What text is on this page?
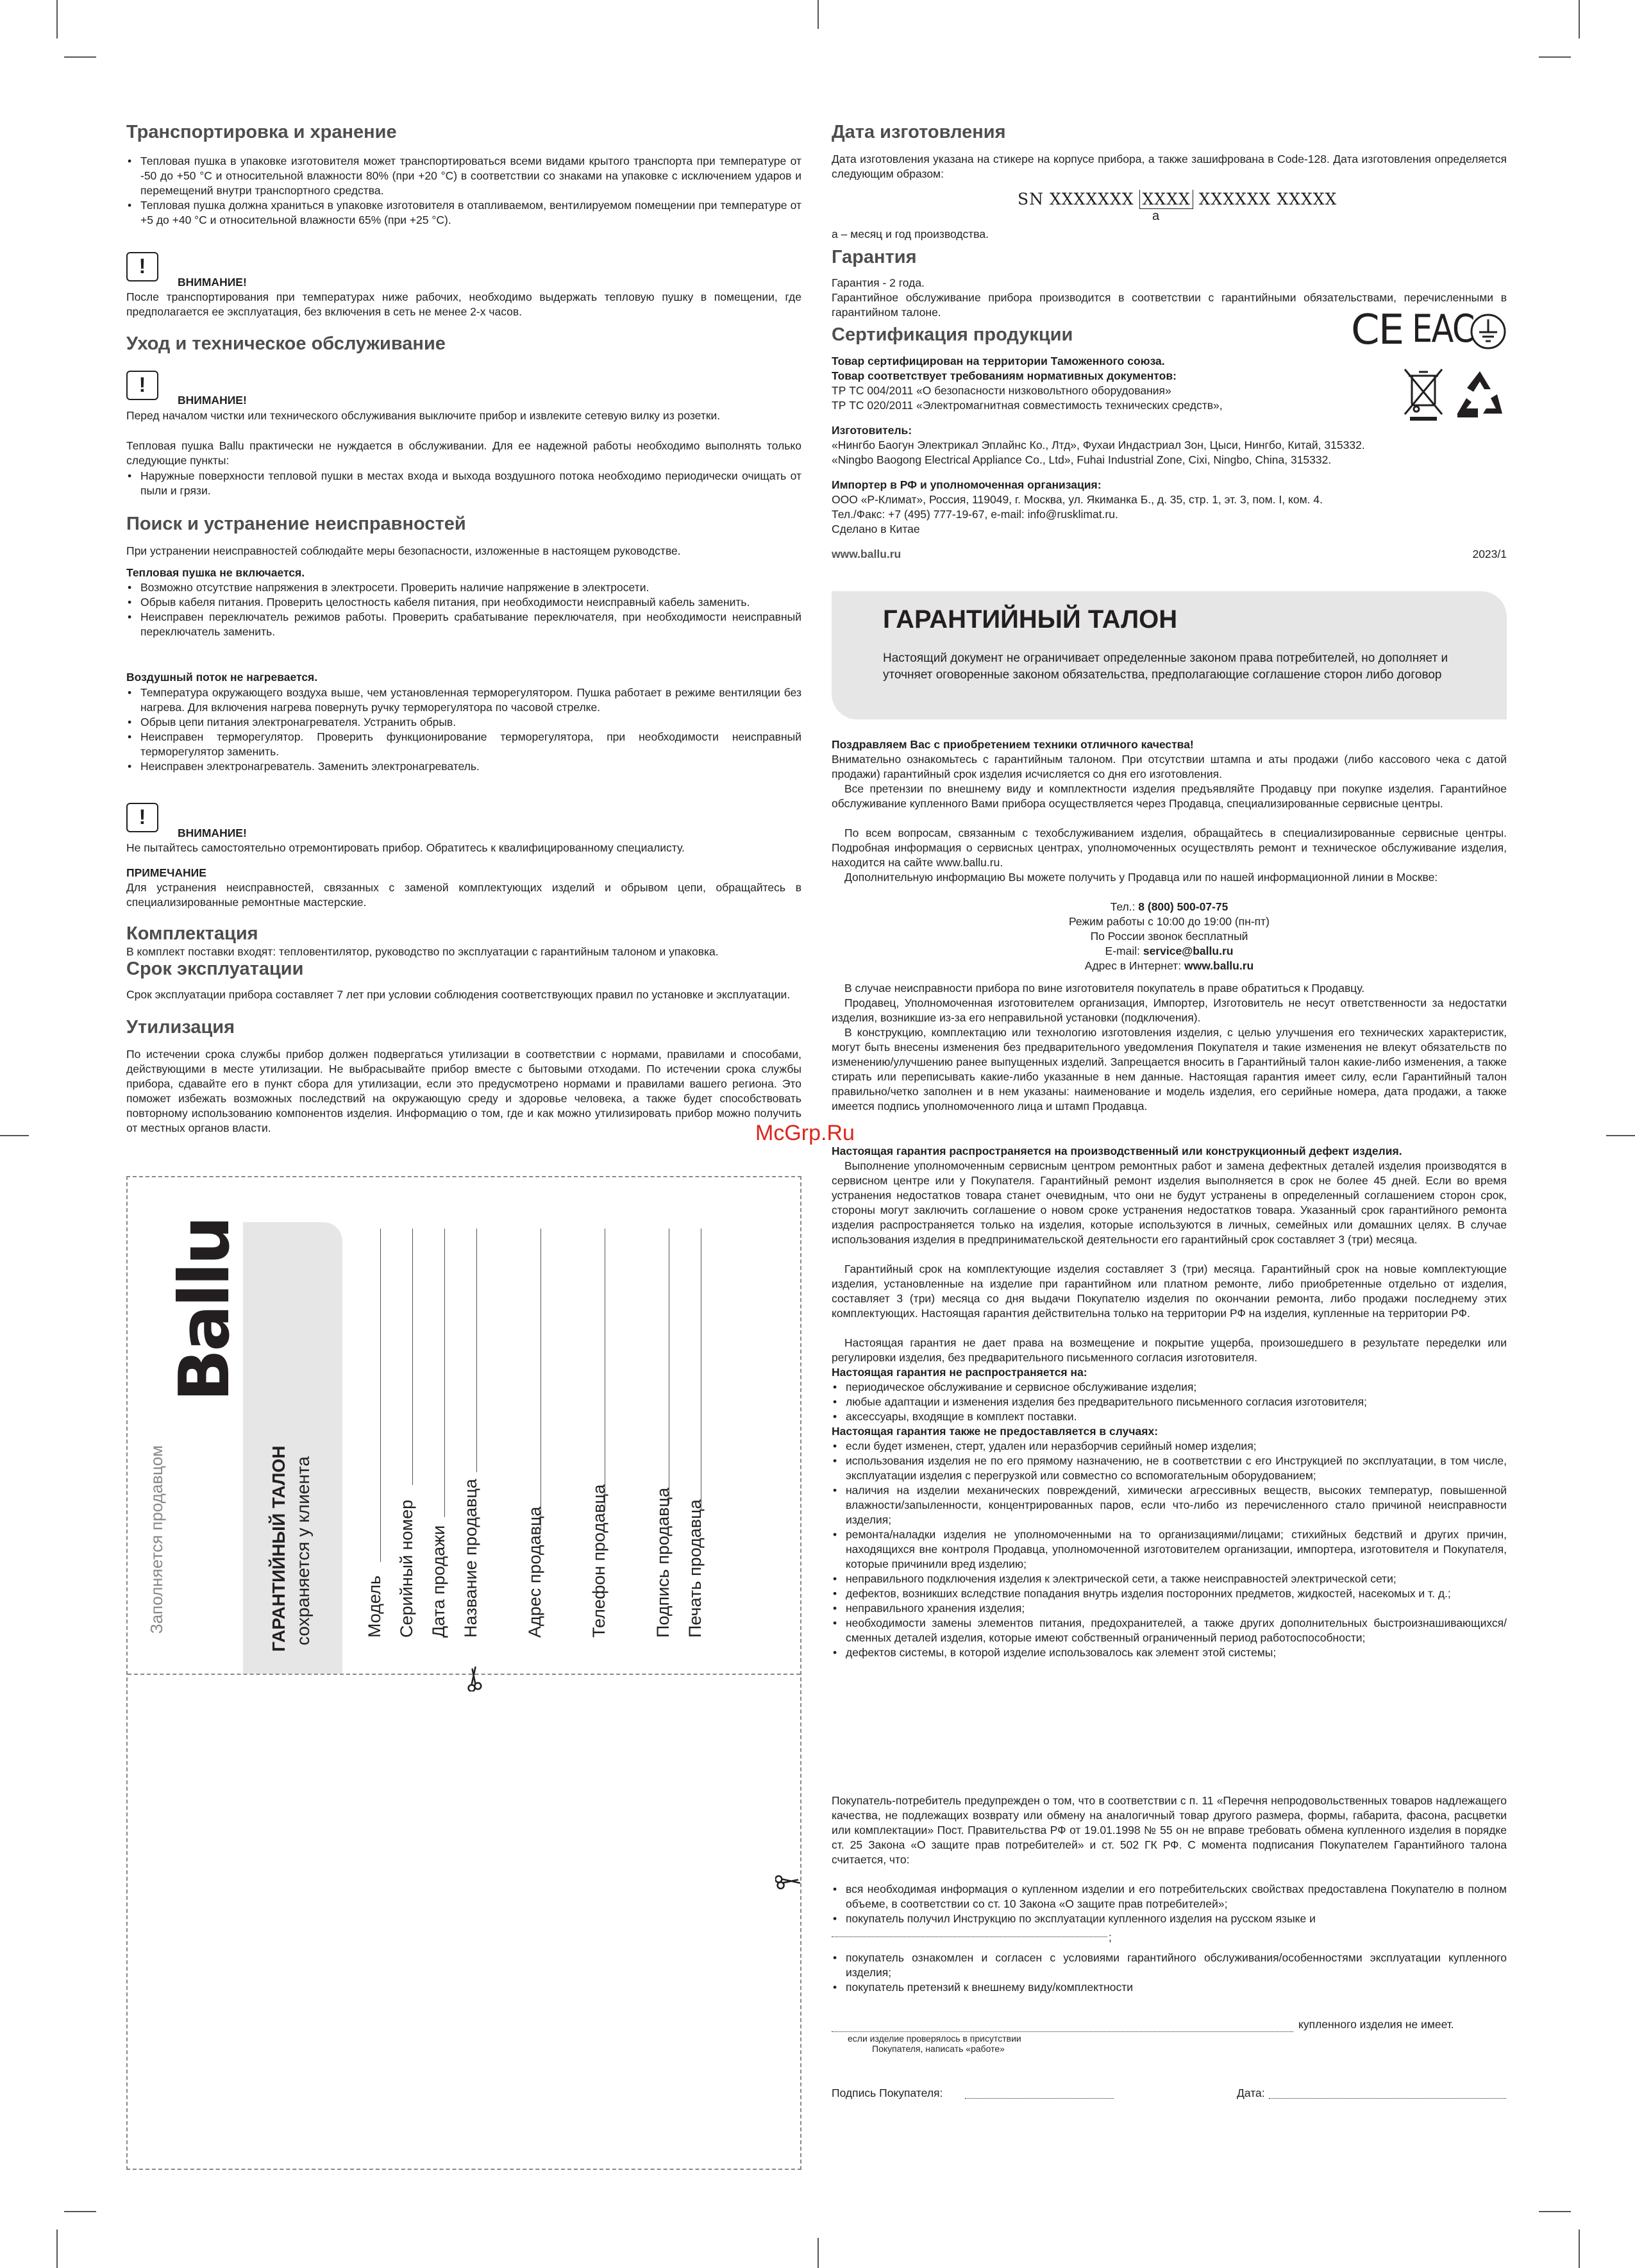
Транспортировка и хранение
• Тепловая пушка в упаковке изготовителя может транспортироваться всеми видами крытого транспорта при температуре от -50 до +50 °С и относительной влажности 80% (при +20 °С) в соответствии со знаками на упаковке с исключением ударов и перемещений внутри транспортного средства.
• Тепловая пушка должна храниться в упаковке изготовителя в отапливаемом, вентилируемом помещении при температуре от +5 до +40 °С и относительной влажности 65% (при +25 °С).
!
ВНИМАНИЕ!

После транспортирования при температурах ниже рабочих, необходимо выдержать тепловую пушку в помещении, где предполагается ее эксплуатация, без включения в сеть не менее 2-х часов.

Уход и техническое обслуживание
!
ВНИМАНИЕ!

Перед началом чистки или технического обслуживания выключите прибор и извлеките сетевую вилку из розетки.

Тепловая пушка Ballu практически не нуждается в обслуживании. Для ее надежной работы необходимо выполнять только следующие пункты:

• Наружные поверхности тепловой пушки в местах входа и выхода воздушного потока необходимо периодически очищать от пыли и грязи.
Поиск и устранение неисправностей

При устранении неисправностей соблюдайте меры безопасности, изложенные в настоящем руководстве.

Тепловая пушка не включается.

• Возможно отсутствие напряжения в электросети. Проверить наличие напряжение в электросети.
• Обрыв кабеля питания. Проверить целостность кабеля питания, при необходимости неисправный кабель заменить.
• Неисправен переключатель режимов работы. Проверить срабатывание переключателя, при необходимости неисправный переключатель заменить.

Воздушный поток не нагревается.

• Температура окружающего воздуха выше, чем установленная терморегулятором. Пушка работает в режиме вентиляции без нагрева. Для включения нагрева повернуть ручку терморегулятора по часовой стрелке.
• Обрыв цепи питания электронагревателя. Устранить обрыв.
• Неисправен терморегулятор. Проверить функционирование терморегулятора, при необходимости неисправный терморегулятор заменить.
• Неисправен электронагреватель. Заменить электронагреватель.
!
ВНИМАНИЕ!

Не пытайтесь самостоятельно отремонтировать прибор. Обратитесь к квалифицированному специалисту.

ПРИМЕЧАНИЕ

Для устранения неисправностей, связанных с заменой комплектующих изделий и обрывом цепи, обращайтесь в специализированные ремонтные мастерские.

Комплектация

В комплект поставки входят: тепловентилятор, руководство по эксплуатации с гарантийным талоном и упаковка.

Срок эксплуатации

Срок эксплуатации прибора составляет 7 лет при условии соблюдения соответствующих правил по установке и эксплуатации.

Утилизация

По истечении срока службы прибор должен подвергаться утилизации в соответствии с нормами, правилами и способами, действующими в месте утилизации. Не выбрасывайте прибор вместе с бытовыми отходами. По истечении срока службы прибора, сдавайте его в пункт сбора для утилизации, если это предусмотрено нормами и правилами вашего региона. Это поможет избежать возможных последствий на окружающую среду и здоровье человека, а также будет способствовать повторному использованию компонентов изделия. Информацию о том, где и как можно утилизировать прибор можно получить от местных органов власти.	McGrp.Ru
Заполняется продавцом
Ballu
ГАРАНТИЙНЫЙ ТАЛОН сохраняется у клиента	Модель Серийный номер Дата продажи Название продавца	Адрес продавца	Телефон продавца	Подпись продавца Печать продавца
Дата изготовления

Дата изготовления указана на стикере на корпусе прибора, а также зашифрована в Code-128. Дата изготовления определяется следующим образом:

SN XXXXXXX XXXX XXXXXX XXXXX
а

а – месяц и год производства.

Гарантия

Гарантия - 2 года.

Гарантийное обслуживание прибора производится в соответствии с гарантийными обязательствами, перечисленными в гарантийном талоне.

Сертификация продукции

Товар сертифицирован на территории Таможенного союза.

Товар соответствует требованиям нормативных документов:

ТР ТС 004/2011 «О безопасности низковольтного оборудования»

ТР ТС 020/2011 «Электромагнитная совместимость технических средств»,

CE EAC

Изготовитель:

«Нингбо Баогун Электрикал Эплайнс Ко., Лтд», Фухаи Индастриал Зон, Цыси, Нингбо, Китай, 315332.

«Ningbo Baogong Electrical Appliance Co., Ltd», Fuhai Industrial Zone, Cixi, Ningbo, China, 315332.

Импортер в РФ и уполномоченная организация:

ООО «Р-Климат», Россия, 119049, г. Москва, ул. Якиманка Б., д. 35, стр. 1, эт. 3, пом. I, ком. 4.

Тел./Факс: +7 (495) 777-19-67, e-mail: info@rusklimat.ru.

Сделано в Китае

www.ballu.ru	2023/1

ГАРАНТИЙНЫЙ ТАЛОН
Настоящий документ не ограничивает определенные законом права потребителей, но дополняет и уточняет оговоренные законом обязательства, предполагающие соглашение сторон либо договор

Поздравляем Вас с приобретением техники отличного качества!

Внимательно ознакомьтесь с гарантийным талоном. При отсутствии штампа и аты продажи (либо кассового чека с датой продажи) гарантийный срок изделия исчисляется со дня его изготовления.

Все претензии по внешнему виду и комплектности изделия предъявляйте Продавцу при покупке изделия. Гарантийное обслуживание купленного Вами прибора осуществляется через Продавца, специализированные сервисные центры.

По всем вопросам, связанным с техобслуживанием изделия, обращайтесь в специализированные сервисные центры. Подробная информация о сервисных центрах, уполномоченных осуществлять ремонт и техническое обслуживание изделия, находится на сайте www.ballu.ru.

Дополнительную информацию Вы можете получить у Продавца или по нашей информационной линии в Москве:

Тел.: 8 (800) 500-07-75

Режим работы с 10:00 до 19:00 (пн-пт)

По России звонок бесплатный

E-mail: service@ballu.ru

Адрес в Интернет: www.ballu.ru

В случае неисправности прибора по вине изготовителя покупатель в праве обратиться к Продавцу.

Продавец, Уполномоченная изготовителем организация, Импортер, Изготовитель не несут ответственности за недостатки изделия, возникшие из-за его неправильной установки (подключения).

В конструкцию, комплектацию или технологию изготовления изделия, с целью улучшения его технических характеристик, могут быть внесены изменения без предварительного уведомления Покупателя и такие изменения не влекут обязательств по изменению/улучшению ранее выпущенных изделий. Запрещается вносить в Гарантийный талон какие-либо изменения, а также стирать или переписывать какие-либо указанные в нем данные. Настоящая гарантия имеет силу, если Гарантийный талон правильно/четко заполнен и в нем указаны: наименование и модель изделия, его серийные номера, дата продажи, а также имеется подпись уполномоченного лица и штамп Продавца.

Настоящая гарантия распространяется на производственный или конструкционный дефект изделия.

Выполнение уполномоченным сервисным центром ремонтных работ и замена дефектных деталей изделия производятся в сервисном центре или у Покупателя. Гарантийный ремонт изделия выполняется в срок не более 45 дней. Если во время устранения недостатков товара станет очевидным, что они не будут устранены в определенный соглашением сторон срок, стороны могут заключить соглашение о новом сроке устранения недостатков товара. Указанный срок гарантийного ремонта изделия распространяется только на изделия, которые используются в личных, семейных или домашних целях. В случае использования изделия в предпринимательской деятельности его гарантийный срок составляет 3 (три) месяца.

Гарантийный срок на комплектующие изделия составляет 3 (три) месяца. Гарантийный срок на новые комплектующие изделия, установленные на изделие при гарантийном или платном ремонте, либо приобретенные отдельно от изделия, составляет 3 (три) месяца со дня выдачи Покупателю изделия по окончании ремонта, либо продажи последнему этих комплектующих. Настоящая гарантия действительна только на территории РФ на изделия, купленные на территории РФ.

Настоящая гарантия не дает права на возмещение и покрытие ущерба, произошедшего в результате переделки или регулировки изделия, без предварительного письменного согласия изготовителя.

Настоящая гарантия не распространяется на:

• периодическое обслуживание и сервисное обслуживание изделия;
• любые адаптации и изменения изделия без предварительного письменного согласия изготовителя;
• аксессуары, входящие в комплект поставки.

Настоящая гарантия также не предоставляется в случаях:

• если будет изменен, стерт, удален или неразборчив серийный номер изделия;
• использования изделия не по его прямому назначению, не в соответствии с его Инструкцией по эксплуатации, в том числе, эксплуатации изделия с перегрузкой или совместно со вспомогательным оборудованием;
• наличия на изделии механических повреждений, химически агрессивных веществ, высоких температур, повышенной влажности/запыленности, концентрированных паров, если что-либо из перечисленного стало причиной неисправности изделия;
• ремонта/наладки изделия не уполномоченными на то организациями/лицами; стихийных бедствий и других причин, находящихся вне контроля Продавца, уполномоченной изготовителем организации, импортера, изготовителя и Покупателя, которые причинили вред изделию;
• неправильного подключения изделия к электрической сети, а также неисправностей электрической сети;
• дефектов, возникших вследствие попадания внутрь изделия посторонних предметов, жидкостей, насекомых и т. д.;
• неправильного хранения изделия;
• необходимости замены элементов питания, предохранителей, а также других дополнительных быстроизнашивающихся/сменных деталей изделия, которые имеют собственный ограниченный период работоспособности;
• дефектов системы, в которой изделие использовалось как элемент этой системы;

Покупатель-потребитель предупрежден о том, что в соответствии с п. 11 «Перечня непродовольственных товаров надлежащего качества, не подлежащих возврату или обмену на аналогичный товар другого размера, формы, габарита, фасона, расцветки или комплектации» Пост. Правительства РФ от 19.01.1998 № 55 он не вправе требовать обмена купленного изделия в порядке ст. 25 Закона «О защите прав потребителей» и ст. 502 ГК РФ. С момента подписания Покупателем Гарантийного талона считается, что:

• вся необходимая информация о купленном изделии и его потребительских свойствах предоставлена Покупателю в полном объеме, в соответствии со ст. 10 Закона «О защите прав потребителей»;
• покупатель получил Инструкцию по эксплуатации купленного изделия на русском языке и
;
• покупатель ознакомлен и согласен с условиями гарантийного обслуживания/особенностями эксплуатации купленного изделия;
• покупатель претензий к внешнему виду/комплектности

купленного изделия не имеет.

если изделие проверялось в присутствии
Покупателя, написать «работе»

Подпись Покупателя:	Дата:
